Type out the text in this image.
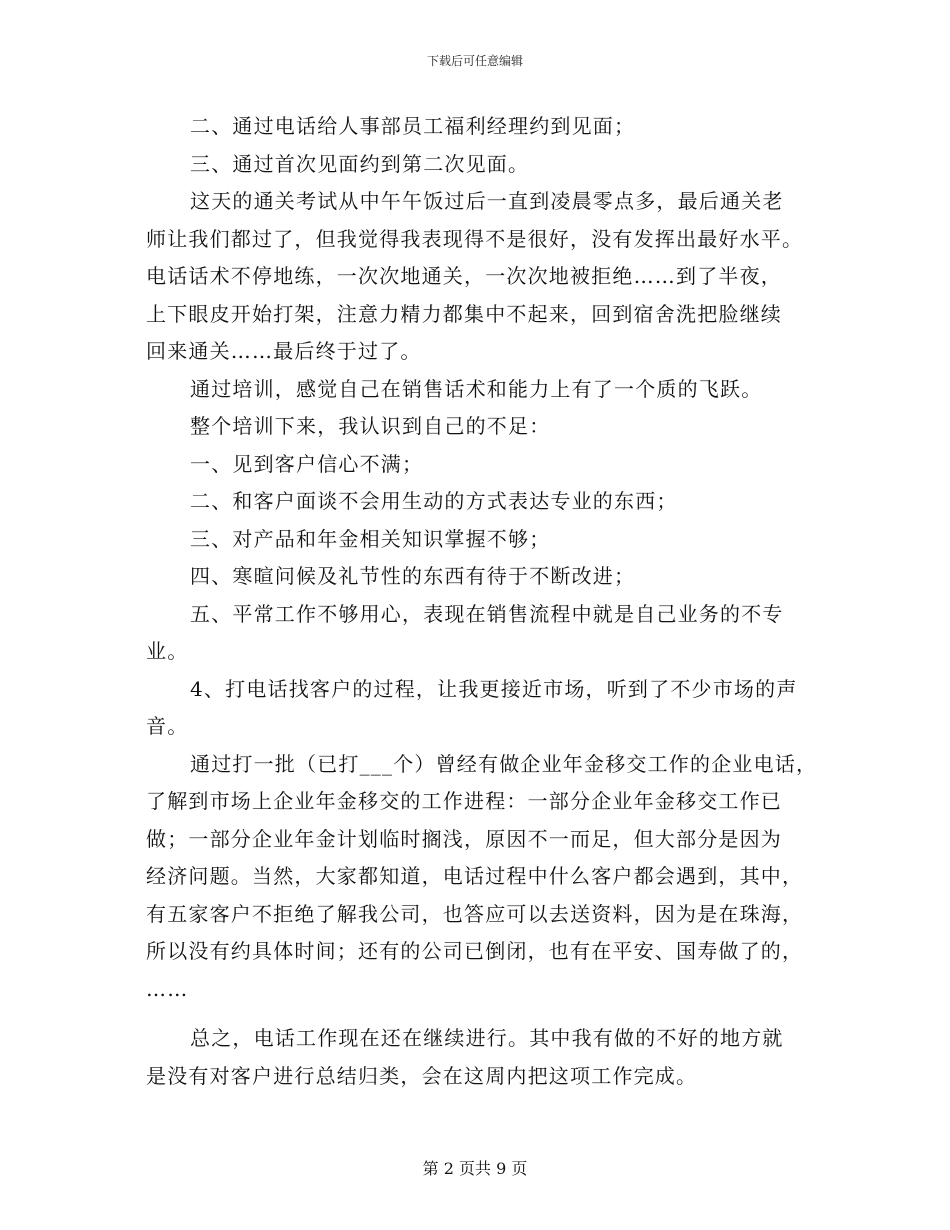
下载后可任意编辑

二、通过电话给人事部员工福利经理约到见面；

三、通过首次见面约到第二次见面。

这天的通关考试从中午午饭过后一直到凌晨零点多，最后通关老

师让我们都过了，但我觉得我表现得不是很好，没有发挥出最好水平。

电话话术不停地练，一次次地通关，一次次地被拒绝……到了半夜，

上下眼皮开始打架，注意力精力都集中不起来，回到宿舍洗把脸继续

回来通关……最后终于过了。

通过培训，感觉自己在销售话术和能力上有了一个质的飞跃。

整个培训下来，我认识到自己的不足：

一、见到客户信心不满；

二、和客户面谈不会用生动的方式表达专业的东西；

三、对产品和年金相关知识掌握不够；

四、寒暄问候及礼节性的东西有待于不断改进；

五、平常工作不够用心，表现在销售流程中就是自己业务的不专

业。

4、打电话找客户的过程，让我更接近市场，听到了不少市场的声

音。

通过打一批（已打___个）曾经有做企业年金移交工作的企业电话，

了解到市场上企业年金移交的工作进程：一部分企业年金移交工作已

做；一部分企业年金计划临时搁浅，原因不一而足，但大部分是因为

经济问题。当然，大家都知道，电话过程中什么客户都会遇到，其中，

有五家客户不拒绝了解我公司，也答应可以去送资料，因为是在珠海，

所以没有约具体时间；还有的公司已倒闭，也有在平安、国寿做了的，

……

总之，电话工作现在还在继续进行。其中我有做的不好的地方就

是没有对客户进行总结归类，会在这周内把这项工作完成。

第 2 页共 9 页
